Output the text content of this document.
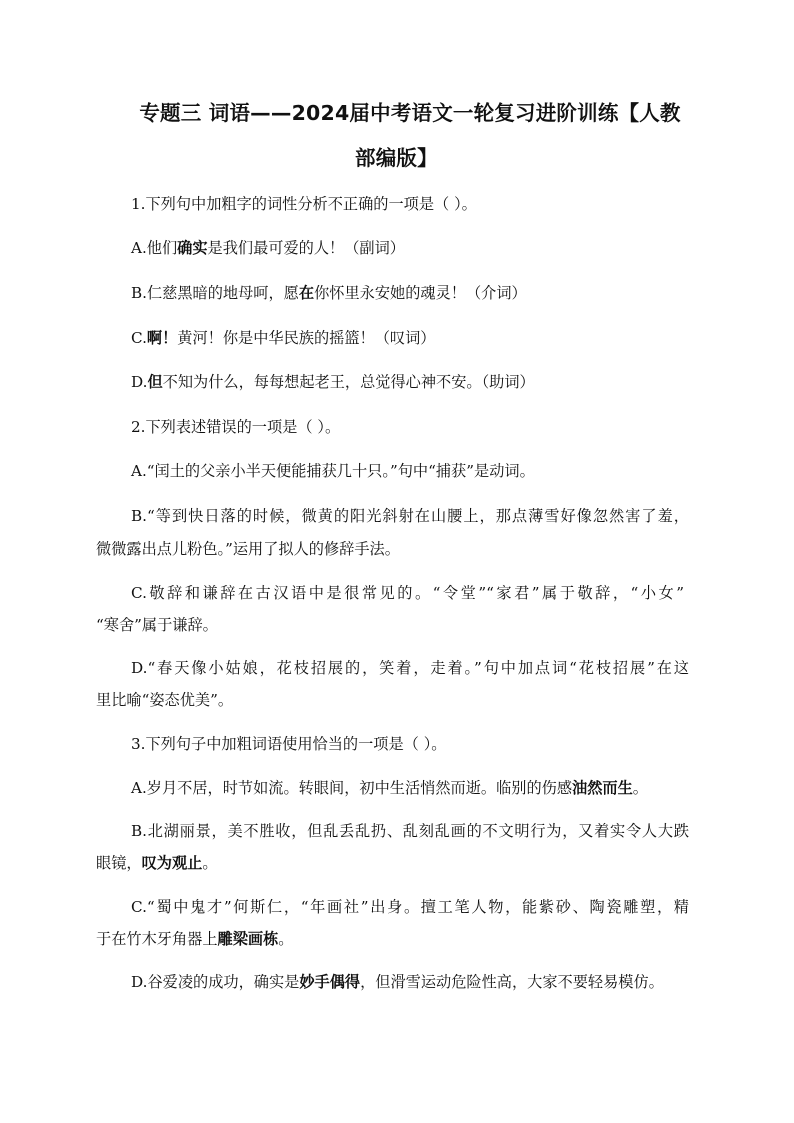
专题三 词语——2024届中考语文一轮复习进阶训练【人教
部编版】
1.下列句中加粗字的词性分析不正确的一项是（ ）。
A.他们确实是我们最可爱的人！（副词）
B.仁慈黑暗的地母呵，愿在你怀里永安她的魂灵！（介词）
C.啊！黄河！你是中华民族的摇篮！（叹词）
D.但不知为什么，每每想起老王，总觉得心神不安。（助词）
2.下列表述错误的一项是（ ）。
A.“闰土的父亲小半天便能捕获几十只。”句中“捕获”是动词。
B.“等到快日落的时候，微黄的阳光斜射在山腰上，那点薄雪好像忽然害了羞，
微微露出点儿粉色。”运用了拟人的修辞手法。
C.敬辞和谦辞在古汉语中是很常见的。“令堂”“家君”属于敬辞，“小女”
“寒舍”属于谦辞。
D.“春天像小姑娘，花枝招展的，笑着，走着。”句中加点词“花枝招展”在这
里比喻“姿态优美”。
3.下列句子中加粗词语使用恰当的一项是（ ）。
A.岁月不居，时节如流。转眼间，初中生活悄然而逝。临别的伤感油然而生。
B.北湖丽景，美不胜收，但乱丢乱扔、乱刻乱画的不文明行为，又着实令人大跌
眼镜，叹为观止。
C.“蜀中鬼才”何斯仁，“年画社”出身。擅工笔人物，能紫砂、陶瓷雕塑，精
于在竹木牙角器上雕梁画栋。
D.谷爱凌的成功，确实是妙手偶得，但滑雪运动危险性高，大家不要轻易模仿。
